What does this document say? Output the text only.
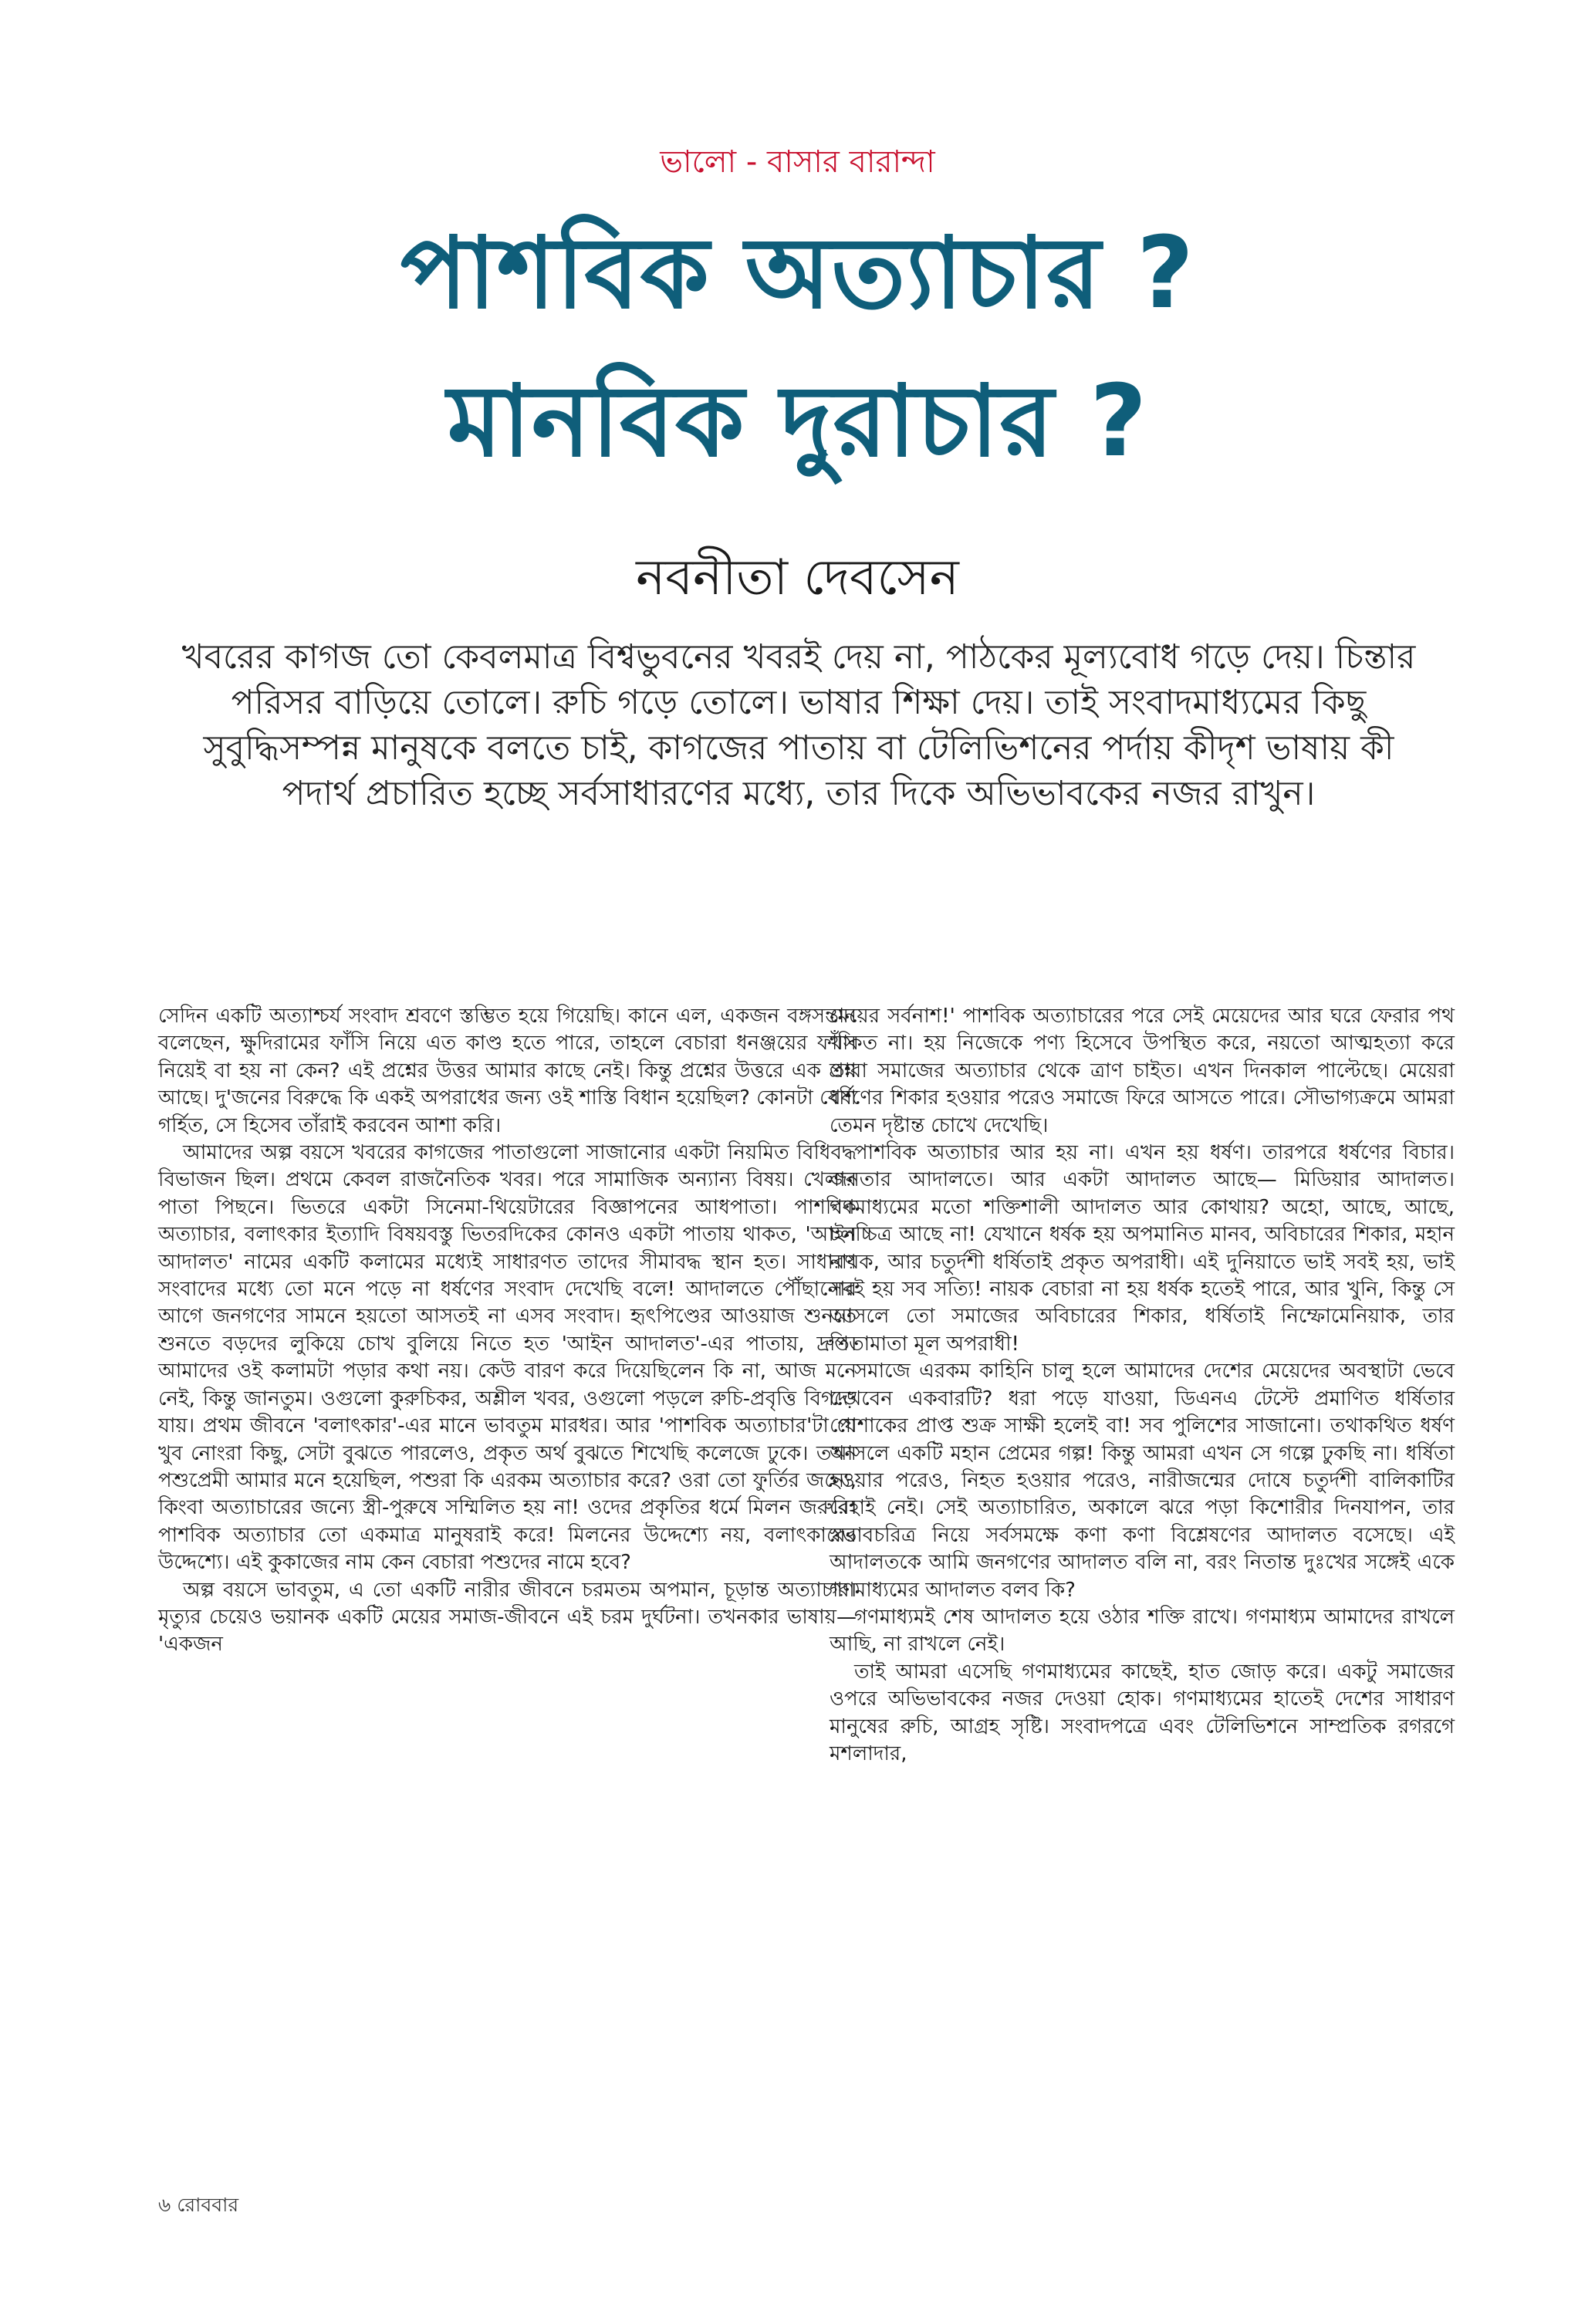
ভালো - বাসার বারান্দা
পাশবিক অত্যাচার ?
মানবিক দুরাচার ?
নবনীতা দেবসেন
খবরের কাগজ তো কেবলমাত্র বিশ্বভুবনের খবরই দেয় না, পাঠকের মূল্যবোধ গড়ে দেয়। চিন্তার পরিসর বাড়িয়ে তোলে। রুচি গড়ে তোলে। ভাষার শিক্ষা দেয়। তাই সংবাদমাধ্যমের কিছু সুবুদ্ধিসম্পন্ন মানুষকে বলতে চাই, কাগজের পাতায় বা টেলিভিশনের পর্দায় কীদৃশ ভাষায় কী পদার্থ প্রচারিত হচ্ছে সর্বসাধারণের মধ্যে, তার দিকে অভিভাবকের নজর রাখুন।

সেদিন একটি অত্যাশ্চর্য সংবাদ শ্রবণে স্তম্ভিত হয়ে গিয়েছি। কানে এল, একজন বঙ্গসন্তান বলেছেন, ক্ষুদিরামের ফাঁসি নিয়ে এত কাণ্ড হতে পারে, তাহলে বেচারা ধনঞ্জয়ের ফাঁসি নিয়েই বা হয় না কেন? এই প্রশ্নের উত্তর আমার কাছে নেই। কিন্তু প্রশ্নের উত্তরে এক প্রশ্ন আছে। দু'জনের বিরুদ্ধে কি একই অপরাধের জন্য ওই শাস্তি বিধান হয়েছিল? কোনটা বেশি গর্হিত, সে হিসেব তাঁরাই করবেন আশা করি।

আমাদের অল্প বয়সে খবরের কাগজের পাতাগুলো সাজানোর একটা নিয়মিত বিধিবদ্ধ বিভাজন ছিল। প্রথমে কেবল রাজনৈতিক খবর। পরে সামাজিক অন্যান্য বিষয়। খেলার পাতা পিছনে। ভিতরে একটা সিনেমা-থিয়েটারের বিজ্ঞাপনের আধপাতা। পাশবিক অত্যাচার, বলাৎকার ইত্যাদি বিষয়বস্তু ভিতরদিকের কোনও একটা পাতায় থাকত, 'আইন আদালত' নামের একটি কলামের মধ্যেই সাধারণত তাদের সীমাবদ্ধ স্থান হত। সাধারণ সংবাদের মধ্যে তো মনে পড়ে না ধর্ষণের সংবাদ দেখেছি বলে! আদালতে পৌঁছানোর আগে জনগণের সামনে হয়তো আসতই না এসব সংবাদ। হৃৎপিণ্ডের আওয়াজ শুনতে শুনতে বড়দের লুকিয়ে চোখ বুলিয়ে নিতে হত 'আইন আদালত'-এর পাতায়, দ্রুত। আমাদের ওই কলামটা পড়ার কথা নয়। কেউ বারণ করে দিয়েছিলেন কি না, আজ মনে নেই, কিন্তু জানতুম। ওগুলো কুরুচিকর, অশ্লীল খবর, ওগুলো পড়লে রুচি-প্রবৃত্তি বিগড়ে যায়। প্রথম জীবনে 'বলাৎকার'-এর মানে ভাবতুম মারধর। আর 'পাশবিক অত্যাচার'টা যে খুব নোংরা কিছু, সেটা বুঝতে পারলেও, প্রকৃত অর্থ বুঝতে শিখেছি কলেজে ঢুকে। তখন পশুপ্রেমী আমার মনে হয়েছিল, পশুরা কি এরকম অত্যাচার করে? ওরা তো ফুর্তির জন্যে, কিংবা অত্যাচারের জন্যে স্ত্রী-পুরুষে সম্মিলিত হয় না! ওদের প্রকৃতির ধর্মে মিলন জরুরি। পাশবিক অত্যাচার তো একমাত্র মানুষরাই করে! মিলনের উদ্দেশ্যে নয়, বলাৎকারের উদ্দেশ্যে। এই কুকাজের নাম কেন বেচারা পশুদের নামে হবে?

অল্প বয়সে ভাবতুম, এ তো একটি নারীর জীবনে চরমতম অপমান, চূড়ান্ত অত্যাচার। মৃত্যুর চেয়েও ভয়ানক একটি মেয়ের সমাজ-জীবনে এই চরম দুর্ঘটনা। তখনকার ভাষায়— 'একজন

মেয়ের সর্বনাশ!' পাশবিক অত্যাচারের পরে সেই মেয়েদের আর ঘরে ফেরার পথ থাকত না। হয় নিজেকে পণ্য হিসেবে উপস্থিত করে, নয়তো আত্মহত্যা করে তারা সমাজের অত্যাচার থেকে ত্রাণ চাইত। এখন দিনকাল পাল্টেছে। মেয়েরা ধর্ষণের শিকার হওয়ার পরেও সমাজে ফিরে আসতে পারে। সৌভাগ্যক্রমে আমরা তেমন দৃষ্টান্ত চোখে দেখেছি।

পাশবিক অত্যাচার আর হয় না। এখন হয় ধর্ষণ। তারপরে ধর্ষণের বিচার। জনতার আদালতে। আর একটা আদালত আছে— মিডিয়ার আদালত। গণমাধ্যমের মতো শক্তিশালী আদালত আর কোথায়? অহো, আছে, আছে, চলচ্চিত্র আছে না! যেখানে ধর্ষক হয় অপমানিত মানব, অবিচারের শিকার, মহান নায়ক, আর চতুর্দশী ধর্ষিতাই প্রকৃত অপরাধী। এই দুনিয়াতে ভাই সবই হয়, ভাই সবই হয় সব সত্যি! নায়ক বেচারা না হয় ধর্ষক হতেই পারে, আর খুনি, কিন্তু সে আসলে তো সমাজের অবিচারের শিকার, ধর্ষিতাই নিম্ফোমেনিয়াক, তার পিতামাতা মূল অপরাধী!

সমাজে এরকম কাহিনি চালু হলে আমাদের দেশের মেয়েদের অবস্থাটা ভেবে দেখবেন একবারটি? ধরা পড়ে যাওয়া, ডিএনএ টেস্টে প্রমাণিত ধর্ষিতার পোশাকের প্রাপ্ত শুক্র সাক্ষী হলেই বা! সব পুলিশের সাজানো। তথাকথিত ধর্ষণ আসলে একটি মহান প্রেমের গল্প! কিন্তু আমরা এখন সে গল্পে ঢুকছি না। ধর্ষিতা হওয়ার পরেও, নিহত হওয়ার পরেও, নারীজন্মের দোষে চতুর্দশী বালিকাটির রেহাই নেই। সেই অত্যাচারিত, অকালে ঝরে পড়া কিশোরীর দিনযাপন, তার স্বভাবচরিত্র নিয়ে সর্বসমক্ষে কণা কণা বিশ্লেষণের আদালত বসেছে। এই আদালতকে আমি জনগণের আদালত বলি না, বরং নিতান্ত দুঃখের সঙ্গেই একে গণমাধ্যমের আদালত বলব কি?

গণমাধ্যমই শেষ আদালত হয়ে ওঠার শক্তি রাখে। গণমাধ্যম আমাদের রাখলে আছি, না রাখলে নেই।

তাই আমরা এসেছি গণমাধ্যমের কাছেই, হাত জোড় করে। একটু সমাজের ওপরে অভিভাবকের নজর দেওয়া হোক। গণমাধ্যমের হাতেই দেশের সাধারণ মানুষের রুচি, আগ্রহ সৃষ্টি। সংবাদপত্রে এবং টেলিভিশনে সাম্প্রতিক রগরগে মশলাদার,

৬ রোববার
